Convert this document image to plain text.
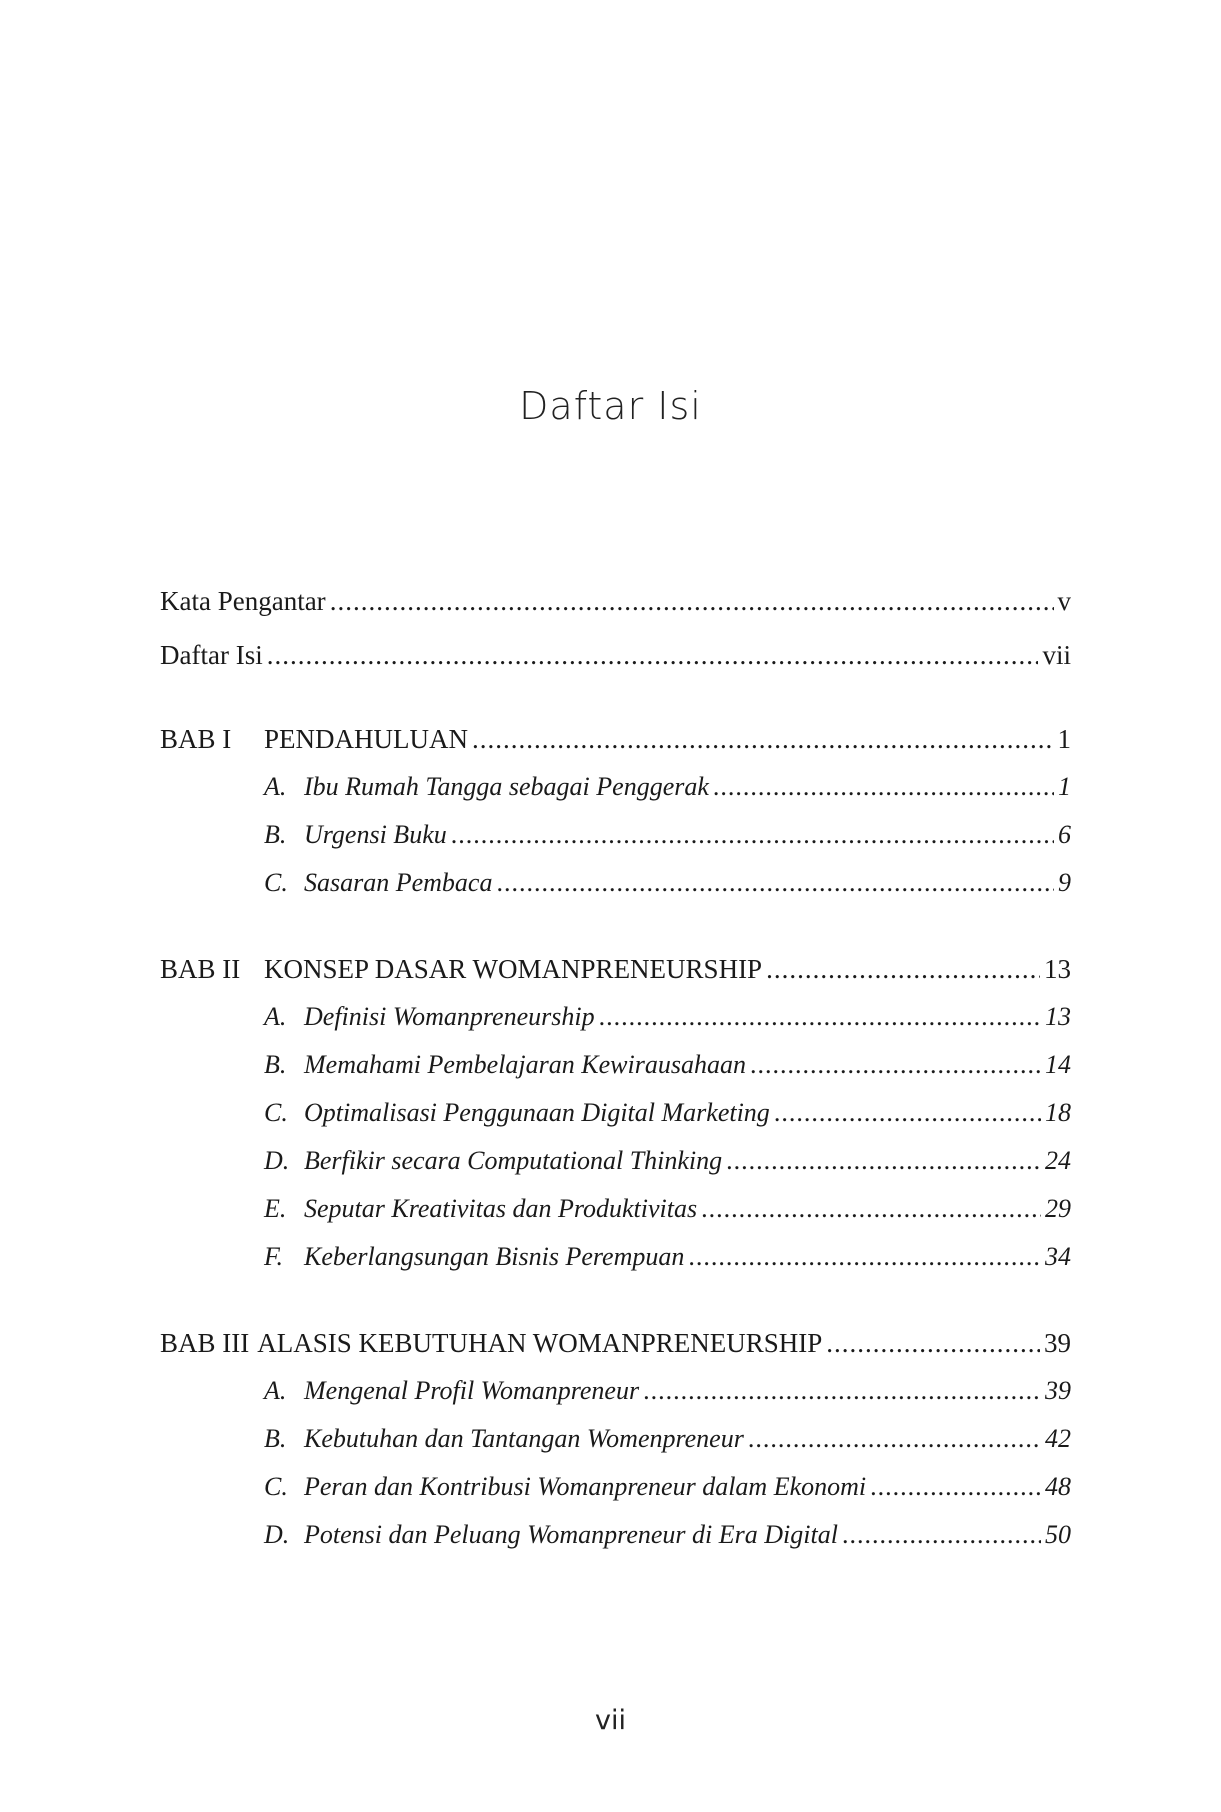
Daftar Isi
Kata Pengantar .....	v
Daftar Isi .....	vii
BAB I	PENDAHULUAN .....	1
A. Ibu Rumah Tangga sebagai Penggerak .....	1
B. Urgensi Buku .....	6
C. Sasaran Pembaca .....	9
BAB II KONSEP DASAR WOMANPRENEURSHIP .....	13
A. Definisi Womanpreneurship .....	13
B. Memahami Pembelajaran Kewirausahaan .....	14
C. Optimalisasi Penggunaan Digital Marketing .....	18
D. Berfikir secara Computational Thinking .....	24
E. Seputar Kreativitas dan Produktivitas .....	29
F. Keberlangsungan Bisnis Perempuan .....	34
BAB III ALASIS KEBUTUHAN WOMANPRENEURSHIP .....	39
A. Mengenal Profil Womanpreneur .....	39
B. Kebutuhan dan Tantangan Womenpreneur .....	42
C. Peran dan Kontribusi Womanpreneur dalam Ekonomi .....	48
D. Potensi dan Peluang Womanpreneur di Era Digital .....	50
vii
